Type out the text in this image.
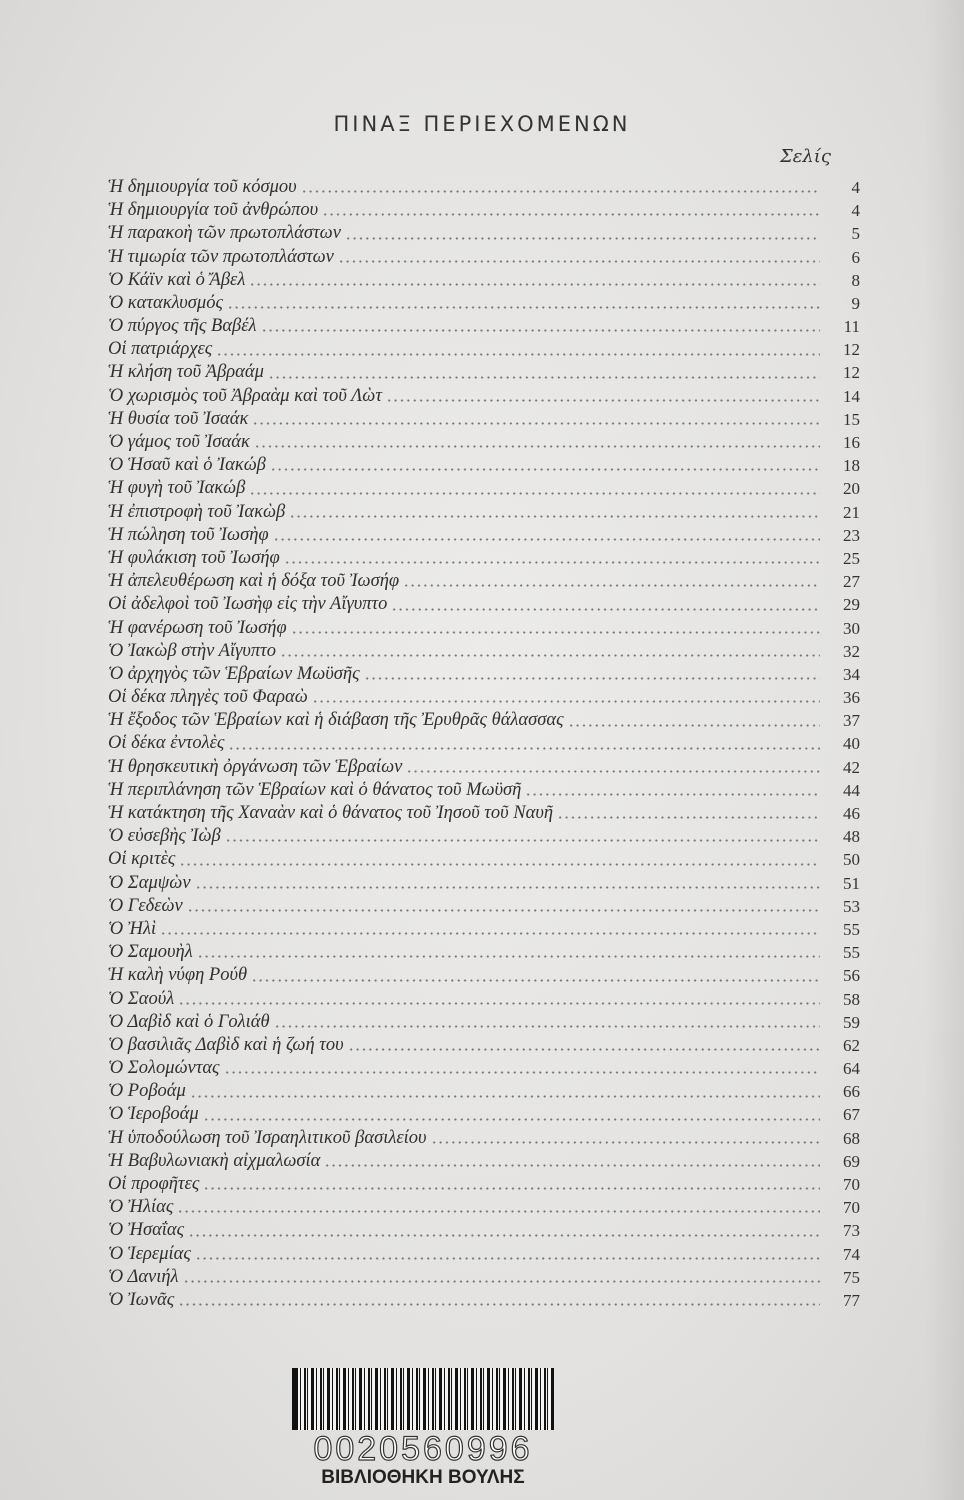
ΠΙΝΑΞ ΠΕΡΙΕΧΟΜΕΝΩΝ
Σελίς
Ἡ δημιουργία τοῦ κόσμου	4
Ἡ δημιουργία τοῦ ἀνθρώπου	4
Ἡ παρακοὴ τῶν πρωτοπλάστων	5
Ἡ τιμωρία τῶν πρωτοπλάστων	6
Ὁ Κάϊν καὶ ὁ Ἄβελ	8
Ὁ κατακλυσμός	9
Ὁ πύργος τῆς Βαβέλ	11
Οἱ πατριάρχες	12
Ἡ κλήση τοῦ Ἀβραάμ	12
Ὁ χωρισμὸς τοῦ Ἀβραὰμ καὶ τοῦ Λὼτ	14
Ἡ θυσία τοῦ Ἰσαάκ	15
Ὁ γάμος τοῦ Ἰσαάκ	16
Ὁ Ἡσαῦ καὶ ὁ Ἰακώβ	18
Ἡ φυγὴ τοῦ Ἰακώβ	20
Ἡ ἐπιστροφὴ τοῦ Ἰακὼβ	21
Ἡ πώληση τοῦ Ἰωσὴφ	23
Ἡ φυλάκιση τοῦ Ἰωσήφ	25
Ἡ ἀπελευθέρωση καὶ ἡ δόξα τοῦ Ἰωσήφ	27
Οἱ ἀδελφοὶ τοῦ Ἰωσὴφ εἰς τὴν Αἴγυπτο	29
Ἡ φανέρωση τοῦ Ἰωσήφ	30
Ὁ Ἰακὼβ στὴν Αἴγυπτο	32
Ὁ ἀρχηγὸς τῶν Ἑβραίων Μωϋσῆς	34
Οἱ δέκα πληγὲς τοῦ Φαραὼ	36
Ἡ ἔξοδος τῶν Ἑβραίων καὶ ἡ διάβαση τῆς Ἐρυθρᾶς θάλασσας	37
Οἱ δέκα ἐντολὲς	40
Ἡ θρησκευτικὴ ὀργάνωση τῶν Ἑβραίων	42
Ἡ περιπλάνηση τῶν Ἑβραίων καὶ ὁ θάνατος τοῦ Μωϋσῆ	44
Ἡ κατάκτηση τῆς Χαναὰν καὶ ὁ θάνατος τοῦ Ἰησοῦ τοῦ Ναυῆ	46
Ὁ εὐσεβὴς Ἰὼβ	48
Οἱ κριτὲς	50
Ὁ Σαμψὼν	51
Ὁ Γεδεὼν	53
Ὁ Ἠλὶ	55
Ὁ Σαμουὴλ	55
Ἡ καλὴ νύφη Ρούθ	56
Ὁ Σαούλ	58
Ὁ Δαβὶδ καὶ ὁ Γολιάθ	59
Ὁ βασιλιᾶς Δαβὶδ καὶ ἡ ζωή του	62
Ὁ Σολομώντας	64
Ὁ Ροβοάμ	66
Ὁ Ἱεροβοάμ	67
Ἡ ὑποδούλωση τοῦ Ἰσραηλιτικοῦ βασιλείου	68
Ἡ Βαβυλωνιακὴ αἰχμαλωσία	69
Οἱ προφῆτες	70
Ὁ Ἠλίας	70
Ὁ Ἠσαΐας	73
Ὁ Ἱερεμίας	74
Ὁ Δανιήλ	75
Ὁ Ἰωνᾶς	77
0020560996
ΒΙΒΛΙΟΘΗΚΗ ΒΟΥΛΗΣ
